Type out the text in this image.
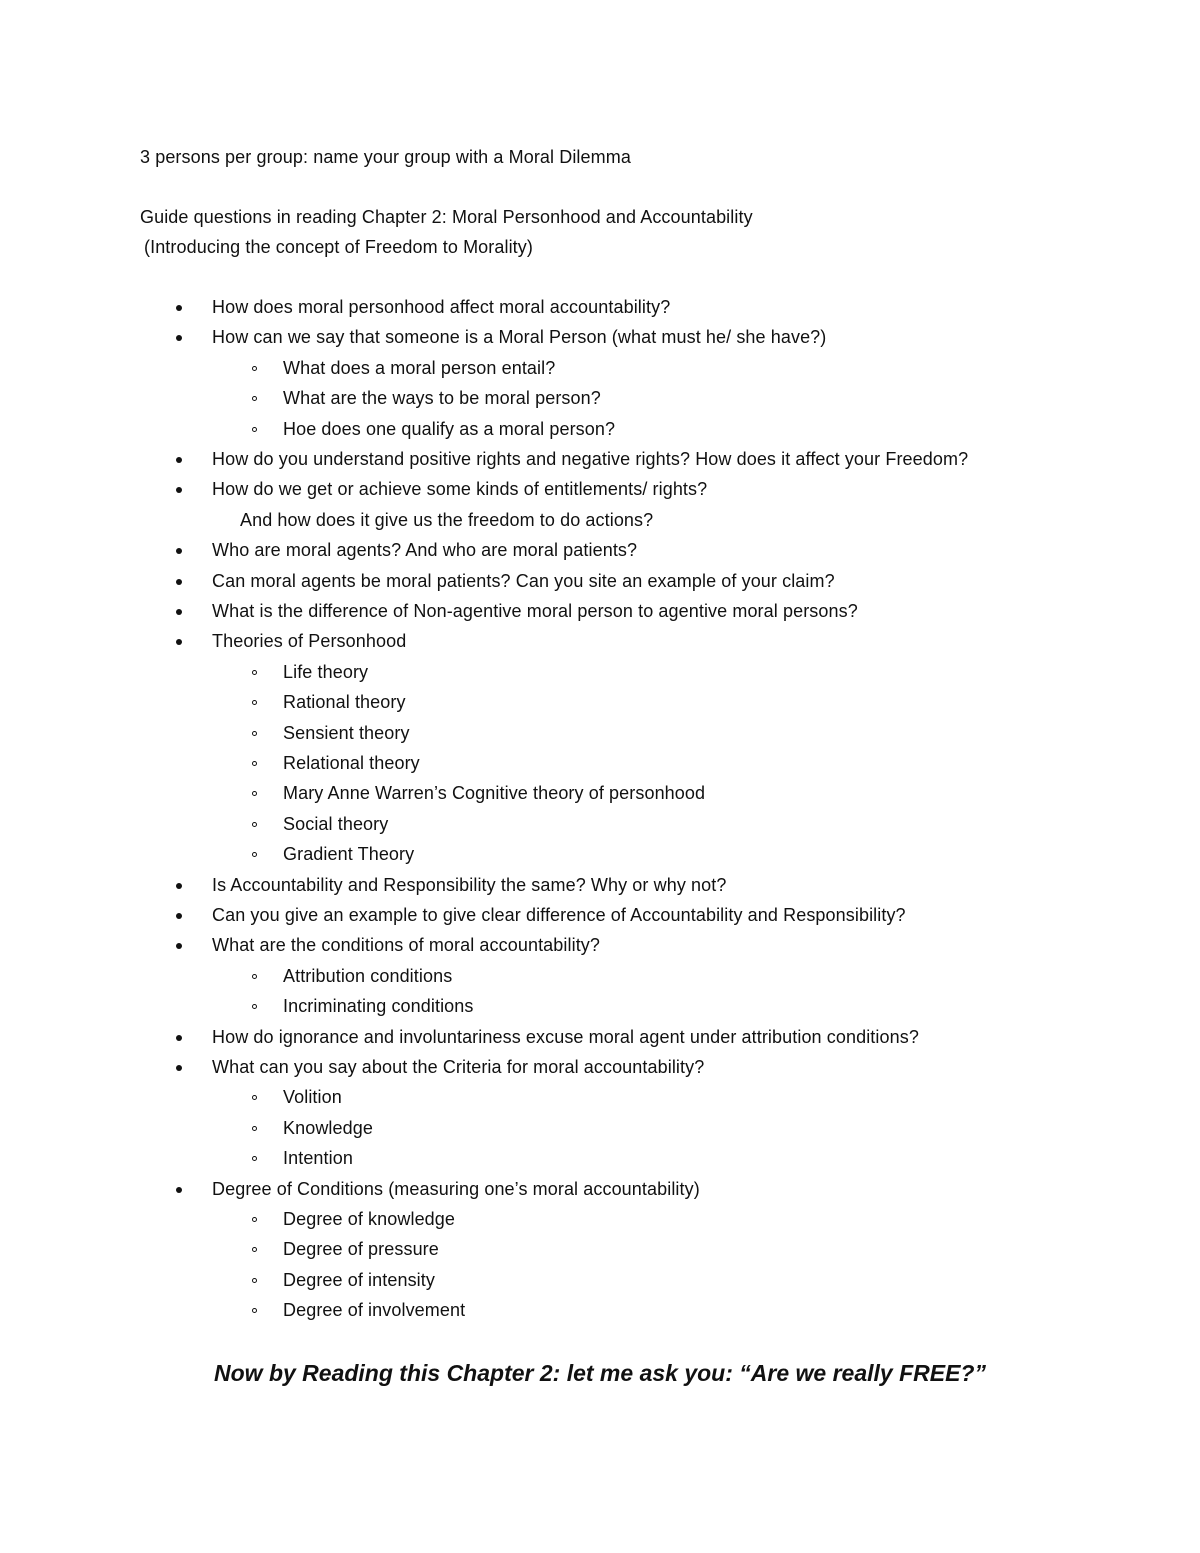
3 persons per group: name your group with a Moral Dilemma
Guide questions in reading Chapter 2: Moral Personhood and Accountability
(Introducing the concept of Freedom to Morality)
How does moral personhood affect moral accountability?
How can we say that someone is a Moral Person (what must he/ she have?)
What does a moral person entail?
What are the ways to be moral person?
Hoe does one qualify as a moral person?
How do you understand positive rights and negative rights? How does it affect your Freedom?
How do we get or achieve some kinds of entitlements/ rights?
And how does it give us the freedom to do actions?
Who are moral agents? And who are moral patients?
Can moral agents be moral patients? Can you site an example of your claim?
What is the difference of Non-agentive moral person to agentive moral persons?
Theories of Personhood
Life theory
Rational theory
Sensient theory
Relational theory
Mary Anne Warren’s Cognitive theory of personhood
Social theory
Gradient Theory
Is Accountability and Responsibility the same? Why or why not?
Can you give an example to give clear difference of Accountability and Responsibility?
What are the conditions of moral accountability?
Attribution conditions
Incriminating conditions
How do ignorance and involuntariness excuse moral agent under attribution conditions?
What can you say about the Criteria for moral accountability?
Volition
Knowledge
Intention
Degree of Conditions (measuring one’s moral accountability)
Degree of knowledge
Degree of pressure
Degree of intensity
Degree of involvement
Now by Reading this Chapter 2: let me ask you: “Are we really FREE?”
